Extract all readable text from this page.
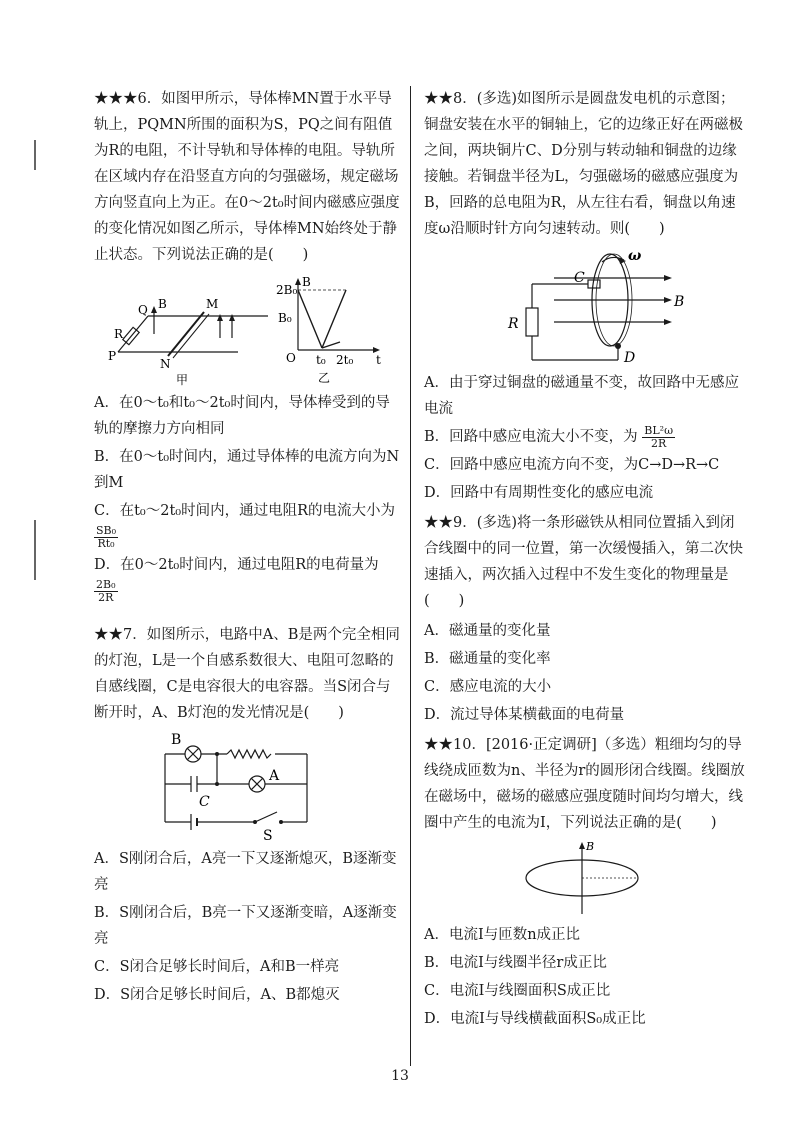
★★★6．如图甲所示，导体棒MN置于水平导轨上，PQMN所围的面积为S，PQ之间有阻值为R的电阻，不计导轨和导体棒的电阻。导轨所在区域内存在沿竖直方向的匀强磁场，规定磁场方向竖直向上为正。在0～2t₀时间内磁感应强度的变化情况如图乙所示，导体棒MN始终处于静止状态。下列说法正确的是(　　)

Q B	M
R
P
N
甲
B
t
O
2B₀
B₀
t₀ 2t₀
乙

A．在0～t₀和t₀～2t₀时间内，导体棒受到的导轨的摩擦力方向相同

B．在0～t₀时间内，通过导体棒的电流方向为N到M

C．在t₀～2t₀时间内，通过电阻R的电流大小为
$\frac{\text{SB₀}}{\text{Rt₀}}$

D．在0～2t₀时间内，通过电阻R的电荷量为
$\frac{\text{2B₀}}{2R}$

★★7．如图所示，电路中A、B是两个完全相同的灯泡，L是一个自感系数很大、电阻可忽略的自感线圈，C是电容很大的电容器。当S闭合与断开时，A、B灯泡的发光情况是(　　)

B
A
C
S

A．S刚闭合后，A亮一下又逐渐熄灭，B逐渐变亮

B．S刚闭合后，B亮一下又逐渐变暗，A逐渐变亮

C．S闭合足够长时间后，A和B一样亮

D．S闭合足够长时间后，A、B都熄灭

★★8．(多选)如图所示是圆盘发电机的示意图；铜盘安装在水平的铜轴上，它的边缘正好在两磁极之间，两块铜片C、D分别与转动轴和铜盘的边缘接触。若铜盘半径为L，匀强磁场的磁感应强度为B，回路的总电阻为R，从左往右看，铜盘以角速度ω沿顺时针方向匀速转动。则(　　)

C
ω
R
B
D

A．由于穿过铜盘的磁通量不变，故回路中无感应电流

B．回路中感应电流大小不变，为 $\frac{\text{BL²ω}}{2R}$

C．回路中感应电流方向不变，为C→D→R→C

D．回路中有周期性变化的感应电流

★★9．(多选)将一条形磁铁从相同位置插入到闭合线圈中的同一位置，第一次缓慢插入，第二次快速插入，两次插入过程中不发生变化的物理量是(　　)

A．磁通量的变化量

B．磁通量的变化率

C．感应电流的大小

D．流过导体某横截面的电荷量

★★10．[2016·正定调研]（多选）粗细均匀的导线绕成匝数为n、半径为r的圆形闭合线圈。线圈放在磁场中，磁场的磁感应强度随时间均匀增大，线圈中产生的电流为I，下列说法正确的是(　　)

B

A．电流I与匝数n成正比

B．电流I与线圈半径r成正比

C．电流I与线圈面积S成正比

D．电流I与导线横截面积S₀成正比

13
